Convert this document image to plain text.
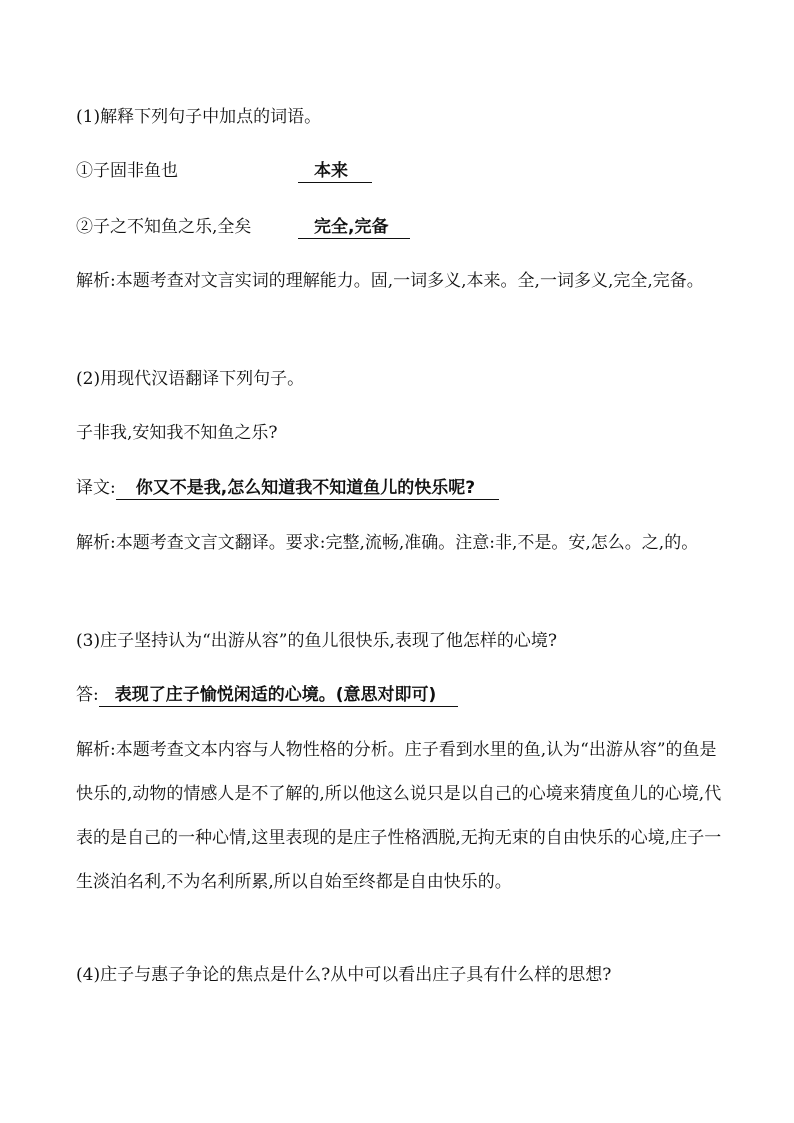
(1)解释下列句子中加点的词语。
①子固非鱼也	本来
②子之不知鱼之乐,全矣	完全,完备
解析:本题考查对文言实词的理解能力。固,一词多义,本来。全,一词多义,完全,完备。
(2)用现代汉语翻译下列句子。
子非我,安知我不知鱼之乐?
译文: 你又不是我,怎么知道我不知道鱼儿的快乐呢?
解析:本题考查文言文翻译。要求:完整,流畅,准确。注意:非,不是。安,怎么。之,的。
(3)庄子坚持认为“出游从容”的鱼儿很快乐,表现了他怎样的心境?
答: 表现了庄子愉悦闲适的心境。(意思对即可)
解析:本题考查文本内容与人物性格的分析。庄子看到水里的鱼,认为“出游从容”的鱼是快乐的,动物的情感人是不了解的,所以他这么说只是以自己的心境来猜度鱼儿的心境,代表的是自己的一种心情,这里表现的是庄子性格洒脱,无拘无束的自由快乐的心境,庄子一生淡泊名利,不为名利所累,所以自始至终都是自由快乐的。
(4)庄子与惠子争论的焦点是什么?从中可以看出庄子具有什么样的思想?
